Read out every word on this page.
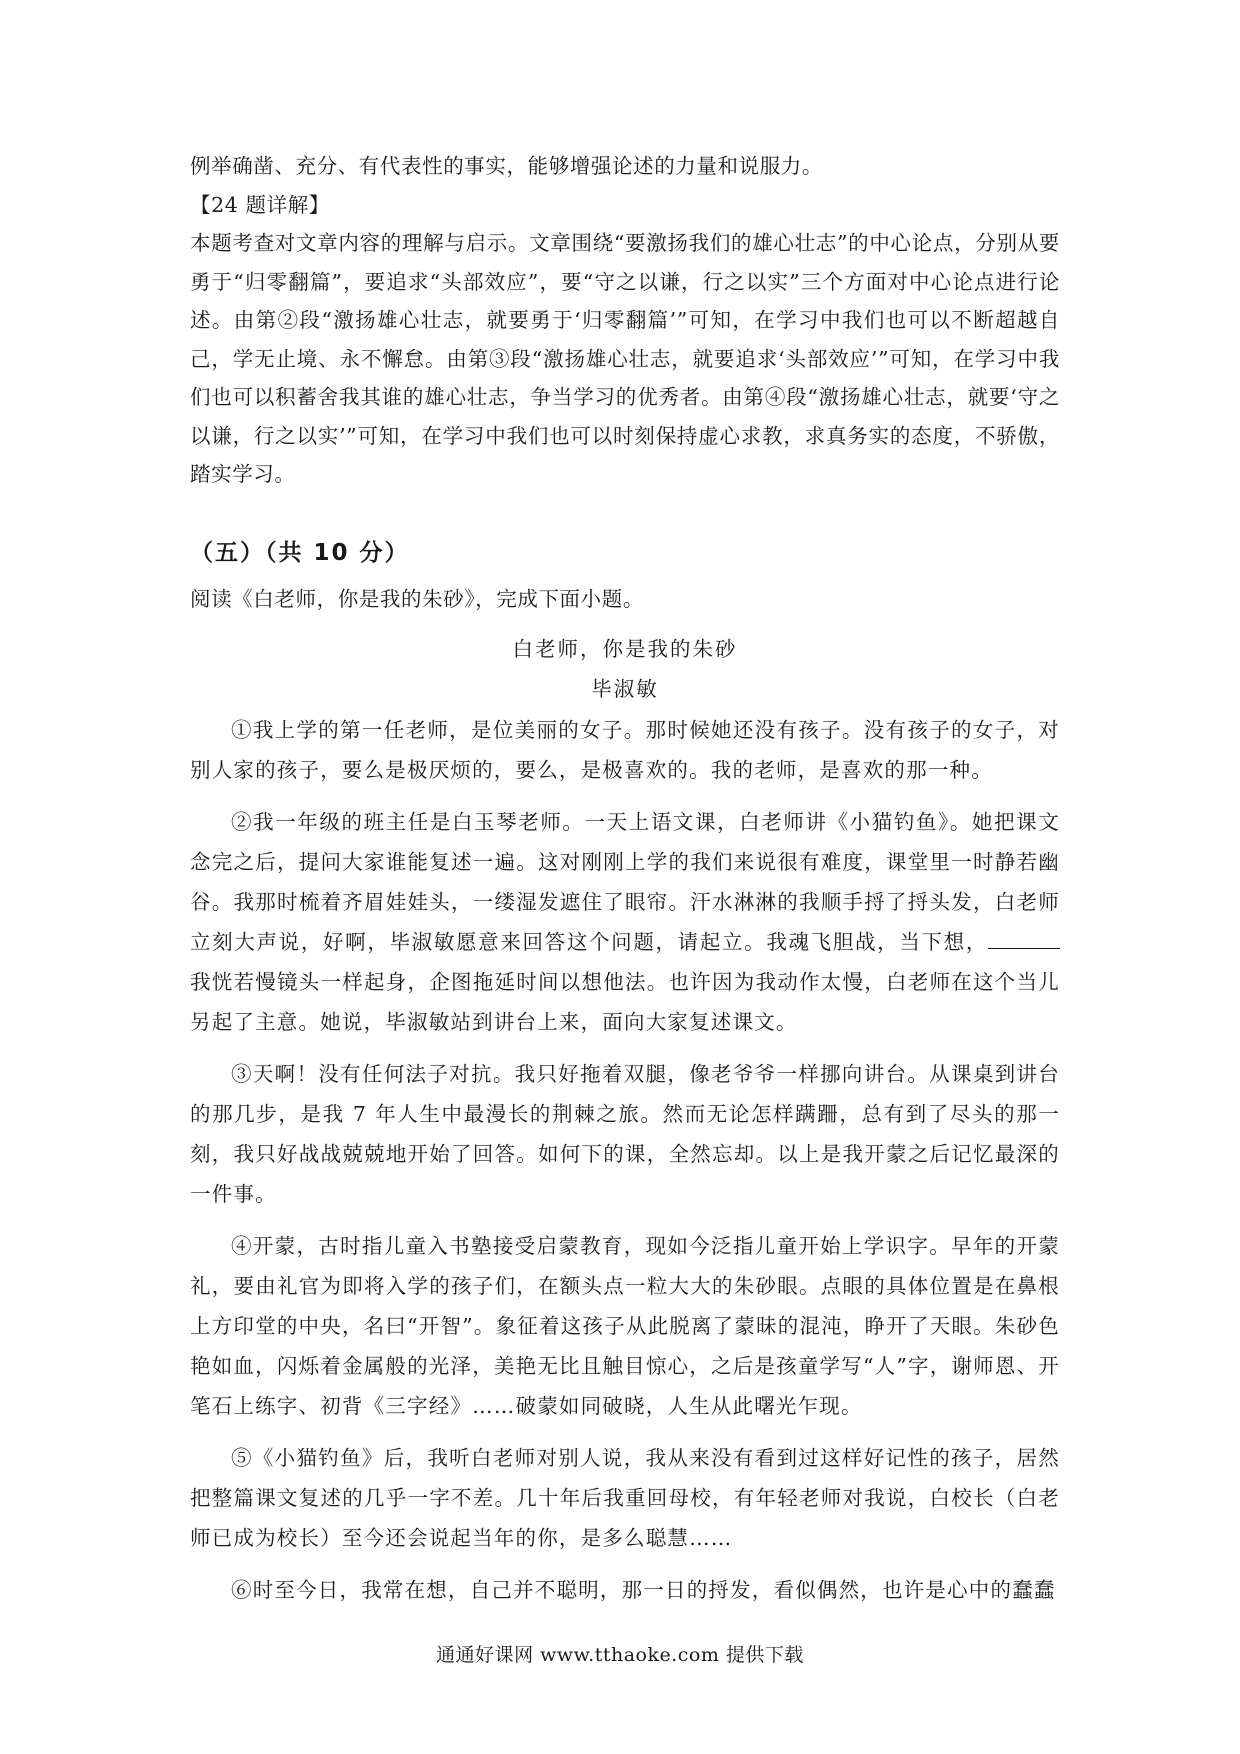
例举确凿、充分、有代表性的事实，能够增强论述的力量和说服力。

【24 题详解】

本题考查对文章内容的理解与启示。文章围绕“要激扬我们的雄心壮志”的中心论点，分别从要勇于“归零翻篇”，要追求“头部效应”，要“守之以谦，行之以实”三个方面对中心论点进行论述。由第②段“激扬雄心壮志，就要勇于‘归零翻篇’”可知，在学习中我们也可以不断超越自己，学无止境、永不懈怠。由第③段“激扬雄心壮志，就要追求‘头部效应’”可知，在学习中我们也可以积蓄舍我其谁的雄心壮志，争当学习的优秀者。由第④段“激扬雄心壮志，就要‘守之以谦，行之以实’”可知，在学习中我们也可以时刻保持虚心求教，求真务实的态度，不骄傲，踏实学习。

（五）（共 10 分）
阅读《白老师，你是我的朱砂》，完成下面小题。
白老师，你是我的朱砂
毕淑敏

①我上学的第一任老师，是位美丽的女子。那时候她还没有孩子。没有孩子的女子，对别人家的孩子，要么是极厌烦的，要么，是极喜欢的。我的老师，是喜欢的那一种。

②我一年级的班主任是白玉琴老师。一天上语文课，白老师讲《小猫钓鱼》。她把课文念完之后，提问大家谁能复述一遍。这对刚刚上学的我们来说很有难度，课堂里一时静若幽谷。我那时梳着齐眉娃娃头，一缕湿发遮住了眼帘。汗水淋淋的我顺手捋了捋头发，白老师立刻大声说，好啊，毕淑敏愿意来回答这个问题，请起立。我魂飞胆战，当下想，我恍若慢镜头一样起身，企图拖延时间以想他法。也许因为我动作太慢，白老师在这个当儿另起了主意。她说，毕淑敏站到讲台上来，面向大家复述课文。

③天啊！没有任何法子对抗。我只好拖着双腿，像老爷爷一样挪向讲台。从课桌到讲台的那几步，是我 7 年人生中最漫长的荆棘之旅。然而无论怎样蹒跚，总有到了尽头的那一刻，我只好战战兢兢地开始了回答。如何下的课，全然忘却。以上是我开蒙之后记忆最深的一件事。

④开蒙，古时指儿童入书塾接受启蒙教育，现如今泛指儿童开始上学识字。早年的开蒙礼，要由礼官为即将入学的孩子们，在额头点一粒大大的朱砂眼。点眼的具体位置是在鼻根上方印堂的中央，名曰“开智”。象征着这孩子从此脱离了蒙昧的混沌，睁开了天眼。朱砂色艳如血，闪烁着金属般的光泽，美艳无比且触目惊心，之后是孩童学写“人”字，谢师恩、开笔石上练字、初背《三字经》……破蒙如同破晓，人生从此曙光乍现。

⑤《小猫钓鱼》后，我听白老师对别人说，我从来没有看到过这样好记性的孩子，居然把整篇课文复述的几乎一字不差。几十年后我重回母校，有年轻老师对我说，白校长（白老师已成为校长）至今还会说起当年的你，是多么聪慧……

⑥时至今日，我常在想，自己并不聪明，那一日的捋发，看似偶然，也许是心中的蠢蠢

通通好课网 www.tthaoke.com 提供下载
